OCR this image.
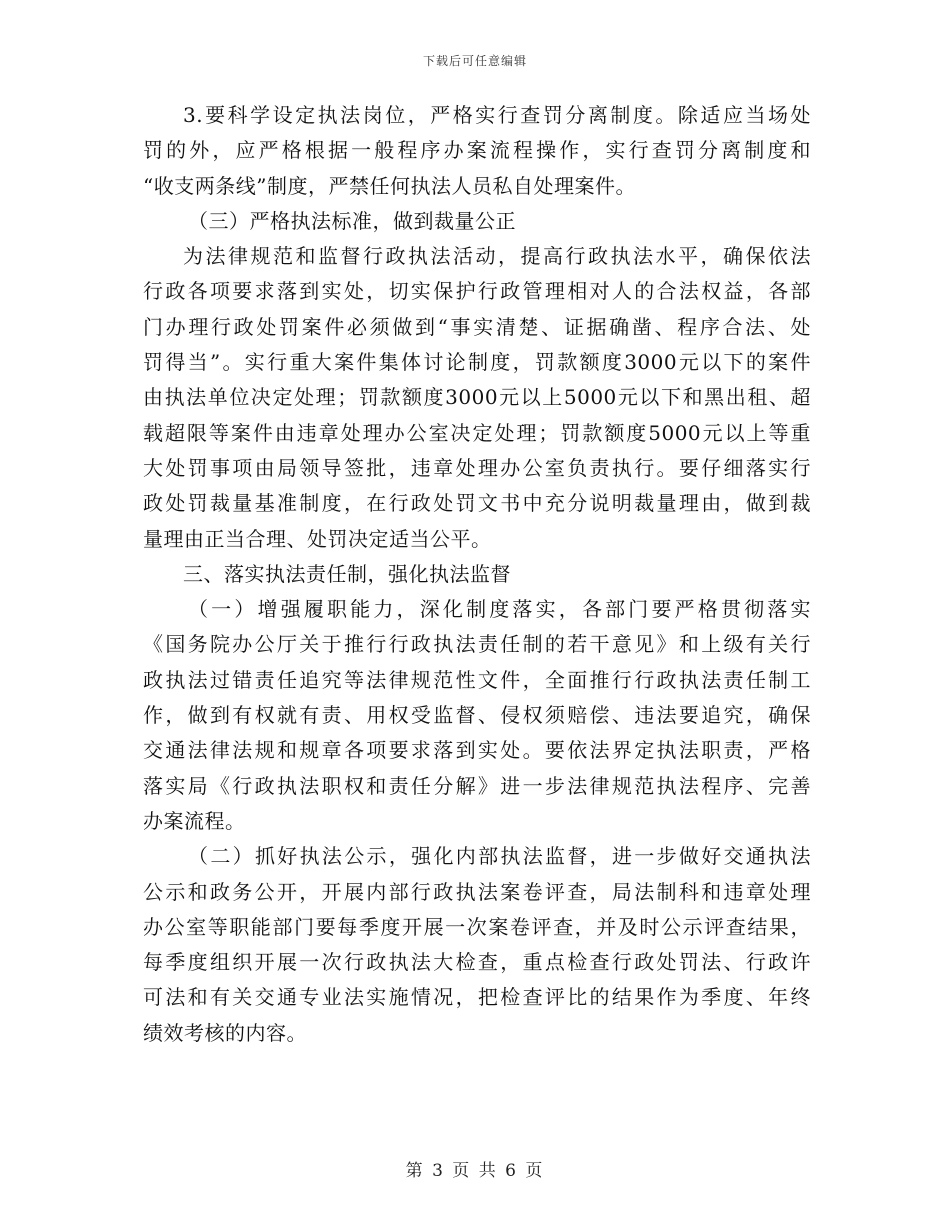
下载后可任意编辑
3.要科学设定执法岗位，严格实行查罚分离制度。除适应当场处
罚的外，应严格根据一般程序办案流程操作，实行查罚分离制度和
“收支两条线”制度，严禁任何执法人员私自处理案件。
（三）严格执法标准，做到裁量公正
为法律规范和监督行政执法活动，提高行政执法水平，确保依法
行政各项要求落到实处，切实保护行政管理相对人的合法权益，各部
门办理行政处罚案件必须做到“事实清楚、证据确凿、程序合法、处
罚得当”。实行重大案件集体讨论制度，罚款额度3000元以下的案件
由执法单位决定处理；罚款额度3000元以上5000元以下和黑出租、超
载超限等案件由违章处理办公室决定处理；罚款额度5000元以上等重
大处罚事项由局领导签批，违章处理办公室负责执行。要仔细落实行
政处罚裁量基准制度，在行政处罚文书中充分说明裁量理由，做到裁
量理由正当合理、处罚决定适当公平。
三、落实执法责任制，强化执法监督
（一）增强履职能力，深化制度落实，各部门要严格贯彻落实
《国务院办公厅关于推行行政执法责任制的若干意见》和上级有关行
政执法过错责任追究等法律规范性文件，全面推行行政执法责任制工
作，做到有权就有责、用权受监督、侵权须赔偿、违法要追究，确保
交通法律法规和规章各项要求落到实处。要依法界定执法职责，严格
落实局《行政执法职权和责任分解》进一步法律规范执法程序、完善
办案流程。
（二）抓好执法公示，强化内部执法监督，进一步做好交通执法
公示和政务公开，开展内部行政执法案卷评查，局法制科和违章处理
办公室等职能部门要每季度开展一次案卷评查，并及时公示评查结果，
每季度组织开展一次行政执法大检查，重点检查行政处罚法、行政许
可法和有关交通专业法实施情况，把检查评比的结果作为季度、年终
绩效考核的内容。
第 3 页 共 6 页
